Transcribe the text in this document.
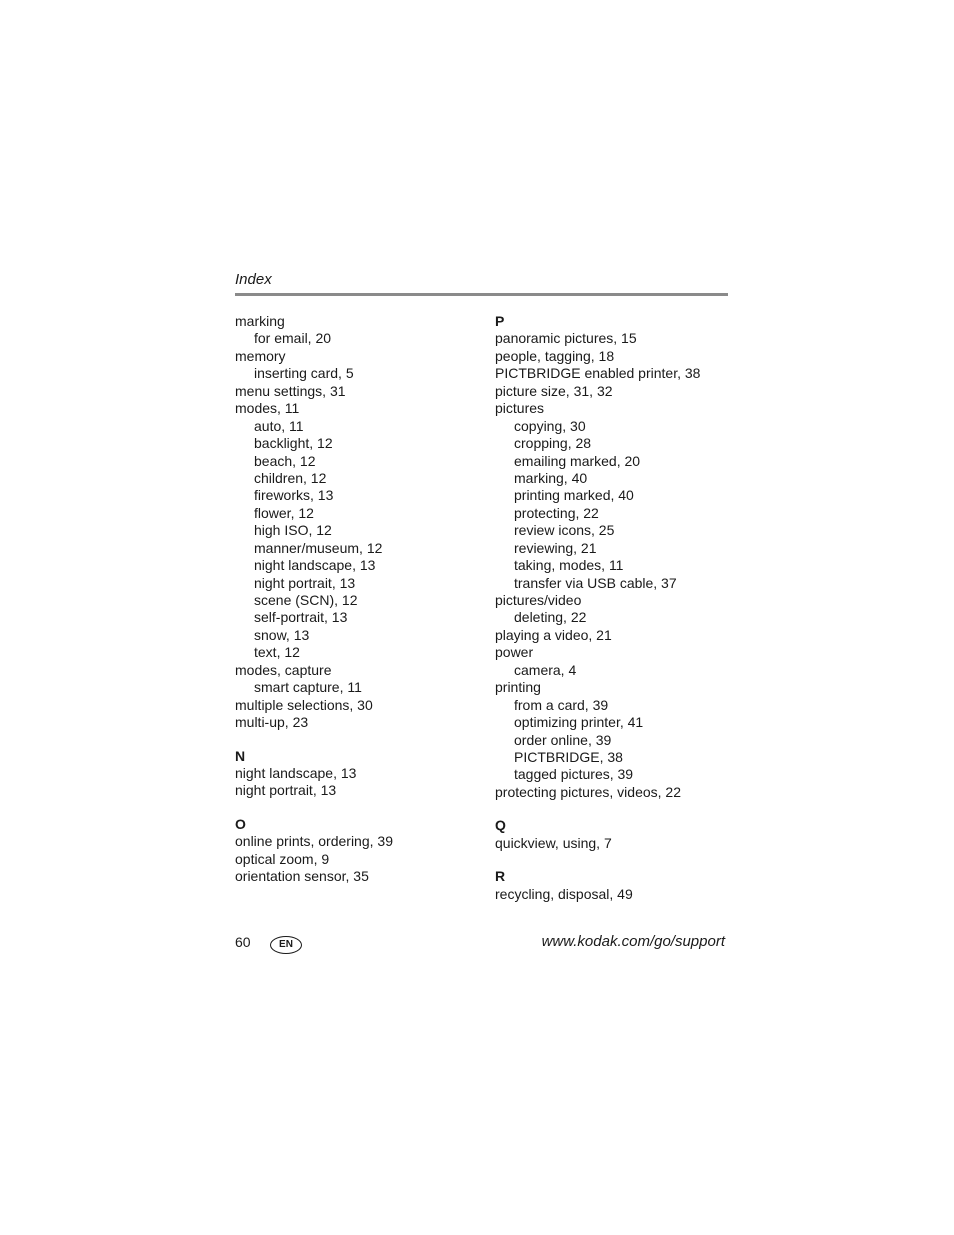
Index
marking
for email, 20
memory
inserting card, 5
menu settings, 31
modes, 11
auto, 11
backlight, 12
beach, 12
children, 12
fireworks, 13
flower, 12
high ISO, 12
manner/museum, 12
night landscape, 13
night portrait, 13
scene (SCN), 12
self-portrait, 13
snow, 13
text, 12
modes, capture
smart capture, 11
multiple selections, 30
multi-up, 23
N
night landscape, 13
night portrait, 13
O
online prints, ordering, 39
optical zoom, 9
orientation sensor, 35
P
panoramic pictures, 15
people, tagging, 18
PICTBRIDGE enabled printer, 38
picture size, 31, 32
pictures
copying, 30
cropping, 28
emailing marked, 20
marking, 40
printing marked, 40
protecting, 22
review icons, 25
reviewing, 21
taking, modes, 11
transfer via USB cable, 37
pictures/video
deleting, 22
playing a video, 21
power
camera, 4
printing
from a card, 39
optimizing printer, 41
order online, 39
PICTBRIDGE, 38
tagged pictures, 39
protecting pictures, videos, 22
Q
quickview, using, 7
R
recycling, disposal, 49
60	EN	www.kodak.com/go/support
